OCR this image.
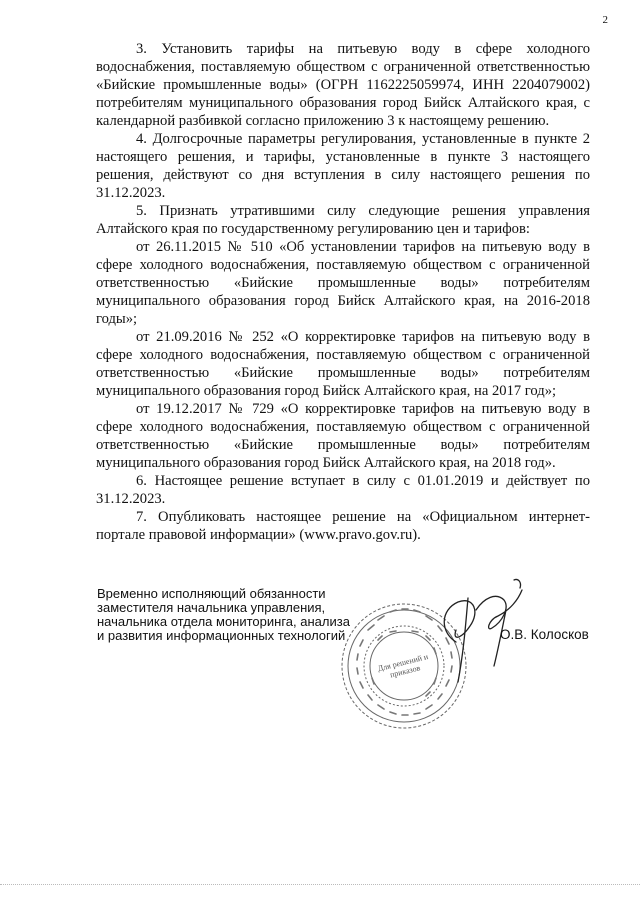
2

3. Установить тарифы на питьевую воду в сфере холодного водоснабжения, поставляемую обществом с ограниченной ответственностью «Бийские промышленные воды» (ОГРН 1162225059974, ИНН 2204079002) потребителям муниципального образования город Бийск Алтайского края, с календарной разбивкой согласно приложению 3 к настоящему решению.

4. Долгосрочные параметры регулирования, установленные в пункте 2 настоящего решения, и тарифы, установленные в пункте 3 настоящего решения, действуют со дня вступления в силу настоящего решения по 31.12.2023.

5. Признать утратившими силу следующие решения управления Алтайского края по государственному регулированию цен и тарифов:

от 26.11.2015 № 510 «Об установлении тарифов на питьевую воду в сфере холодного водоснабжения, поставляемую обществом с ограниченной ответственностью «Бийские промышленные воды» потребителям муниципального образования город Бийск Алтайского края, на 2016-2018 годы»;

от 21.09.2016 № 252 «О корректировке тарифов на питьевую воду в сфере холодного водоснабжения, поставляемую обществом с ограниченной ответственностью «Бийские промышленные воды» потребителям муниципального образования город Бийск Алтайского края, на 2017 год»;

от 19.12.2017 № 729 «О корректировке тарифов на питьевую воду в сфере холодного водоснабжения, поставляемую обществом с ограниченной ответственностью «Бийские промышленные воды» потребителям муниципального образования город Бийск Алтайского края, на 2018 год».

6. Настоящее решение вступает в силу с 01.01.2019 и действует по 31.12.2023.

7. Опубликовать настоящее решение на «Официальном интернет-портале правовой информации» (www.pravo.gov.ru).

Временно исполняющий обязанности
заместителя начальника управления,
начальника отдела мониторинга, анализа
и развития информационных технологий
Для решений и приказов
О.В. Колосков
